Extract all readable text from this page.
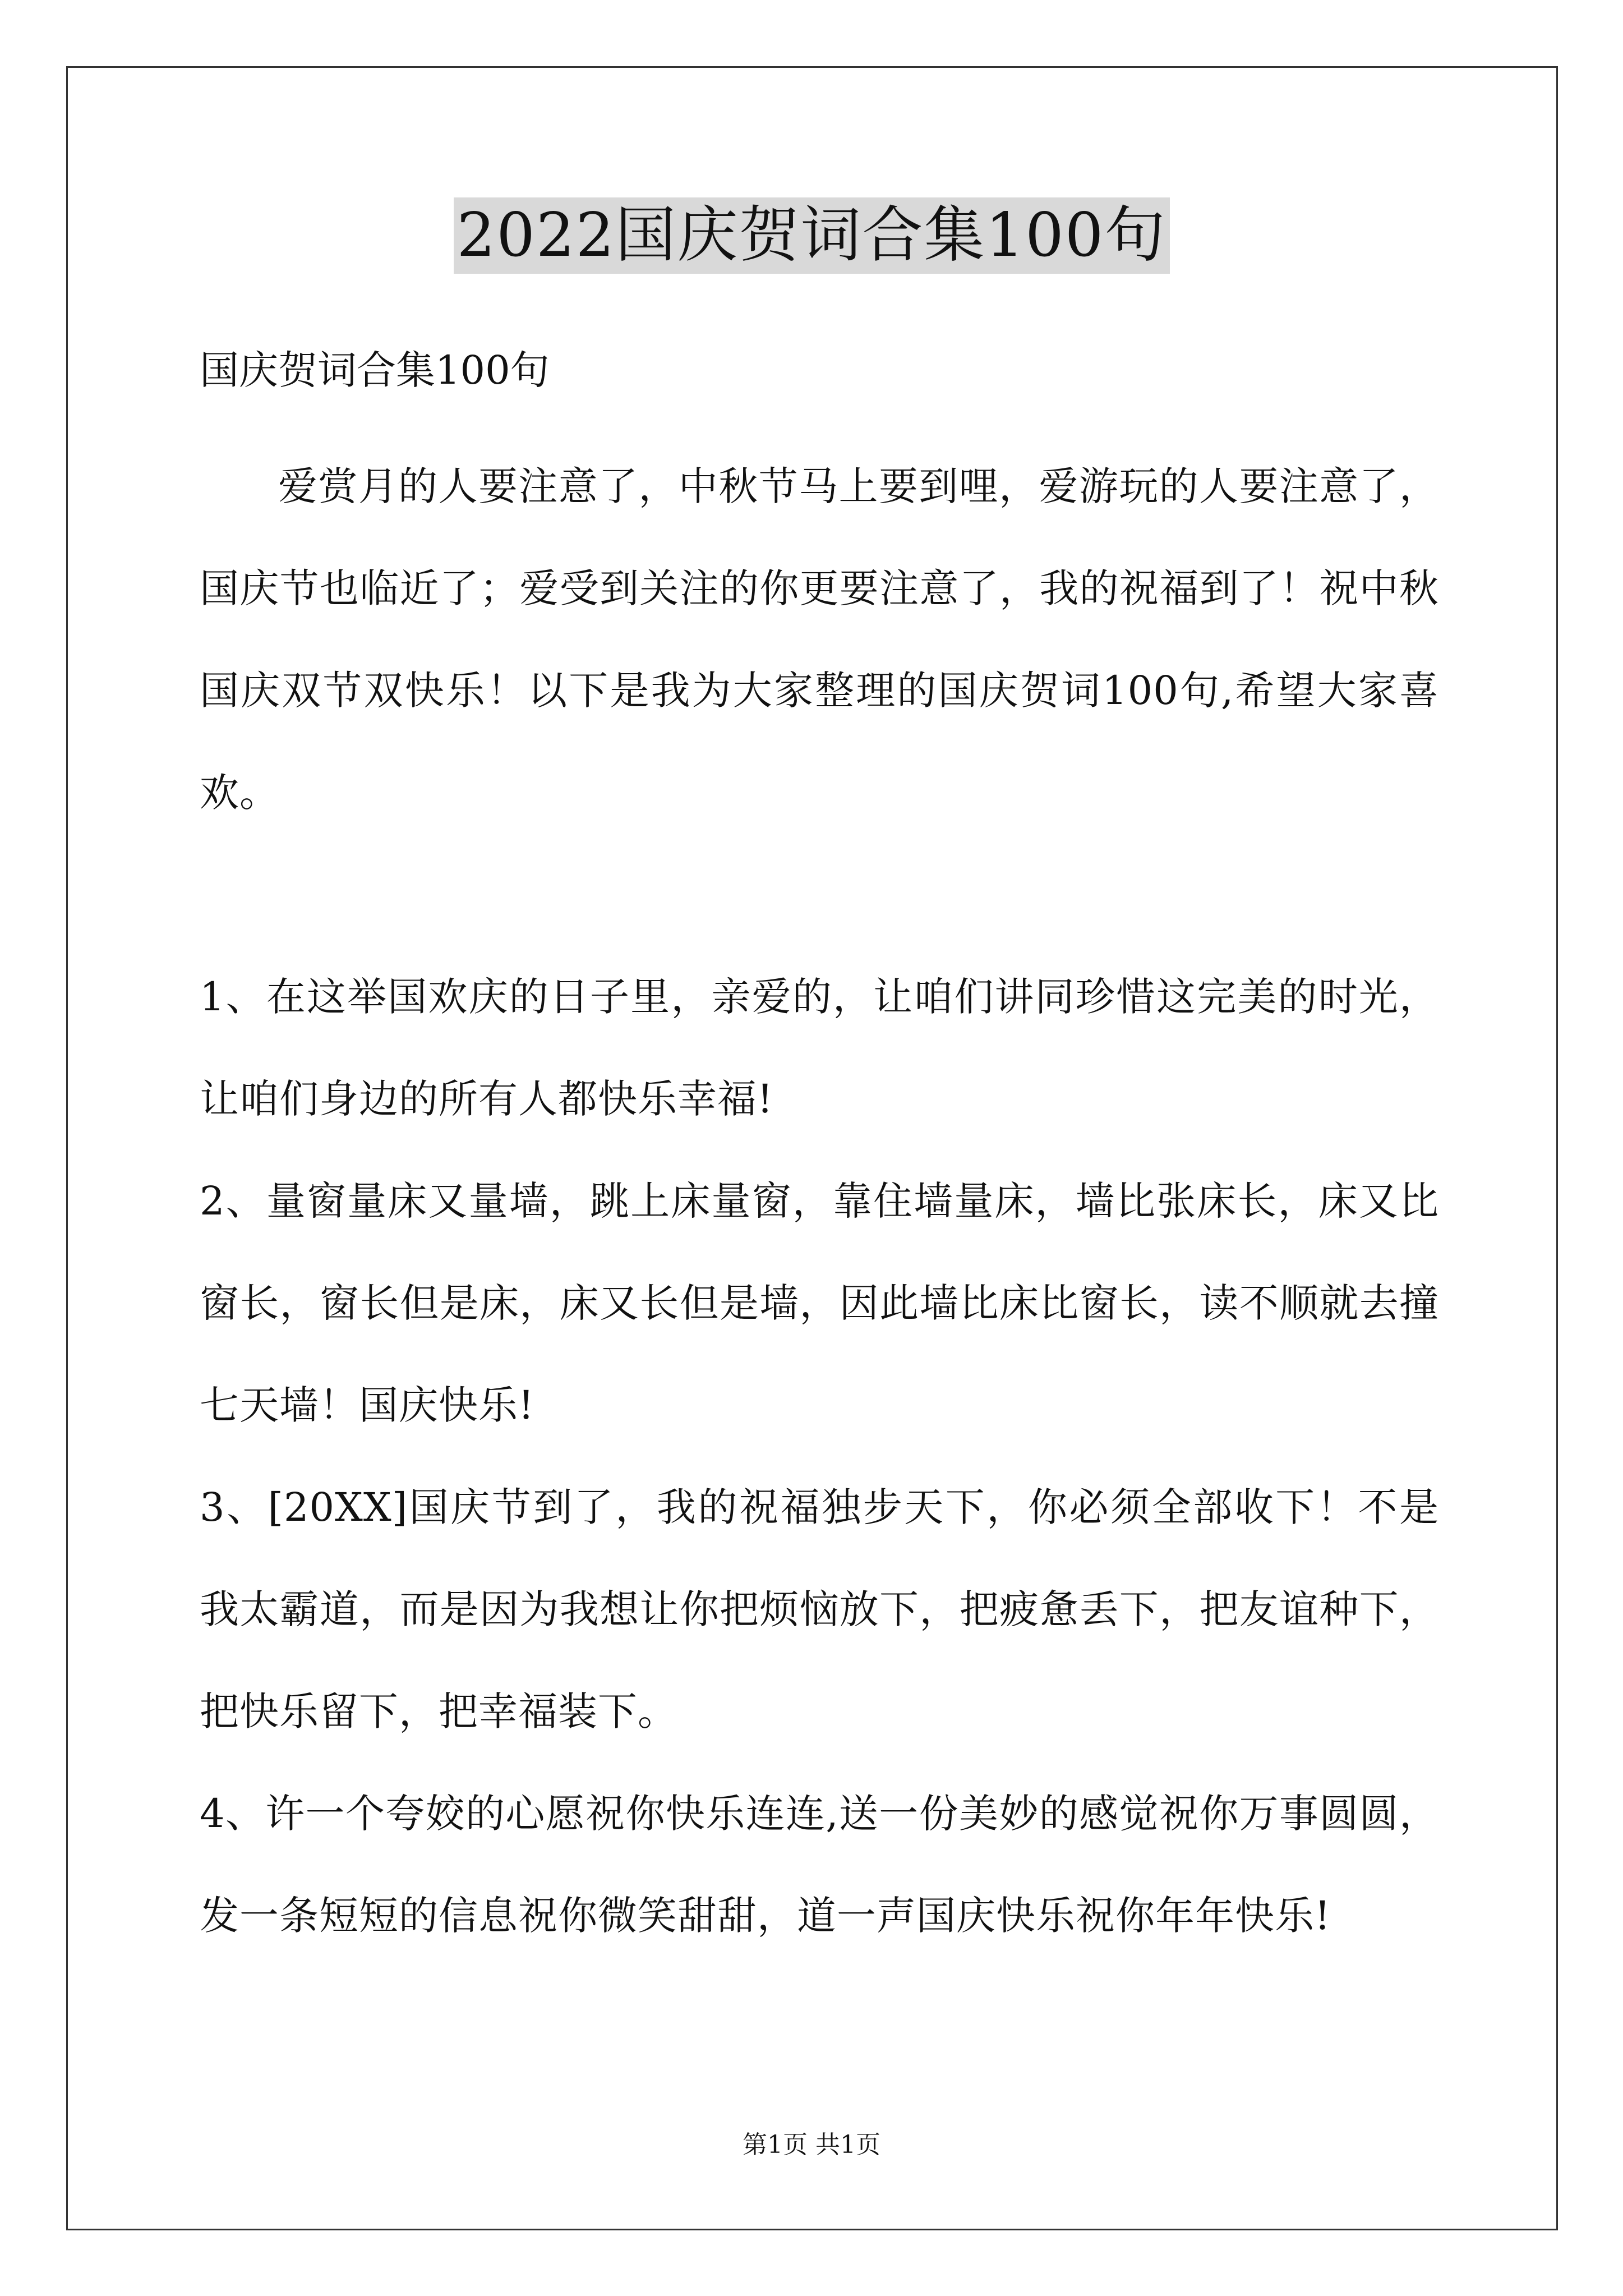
2022国庆贺词合集100句

国庆贺词合集100句

爱赏月的人要注意了，中秋节马上要到哩，爱游玩的人要注意了，国庆节也临近了；爱受到关注的你更要注意了，我的祝福到了！祝中秋国庆双节双快乐！以下是我为大家整理的国庆贺词100句,希望大家喜欢。

1、在这举国欢庆的日子里，亲爱的，让咱们讲同珍惜这完美的时光，让咱们身边的所有人都快乐幸福!

2、量窗量床又量墙，跳上床量窗，靠住墙量床，墙比张床长，床又比窗长，窗长但是床，床又长但是墙，因此墙比床比窗长，读不顺就去撞七天墙！国庆快乐!

3、[20XX]国庆节到了，我的祝福独步天下，你必须全部收下！不是我太霸道，而是因为我想让你把烦恼放下，把疲惫丢下，把友谊种下，把快乐留下，把幸福装下。

4、许一个夸姣的心愿祝你快乐连连,送一份美妙的感觉祝你万事圆圆，发一条短短的信息祝你微笑甜甜，道一声国庆快乐祝你年年快乐!

第1页 共1页
